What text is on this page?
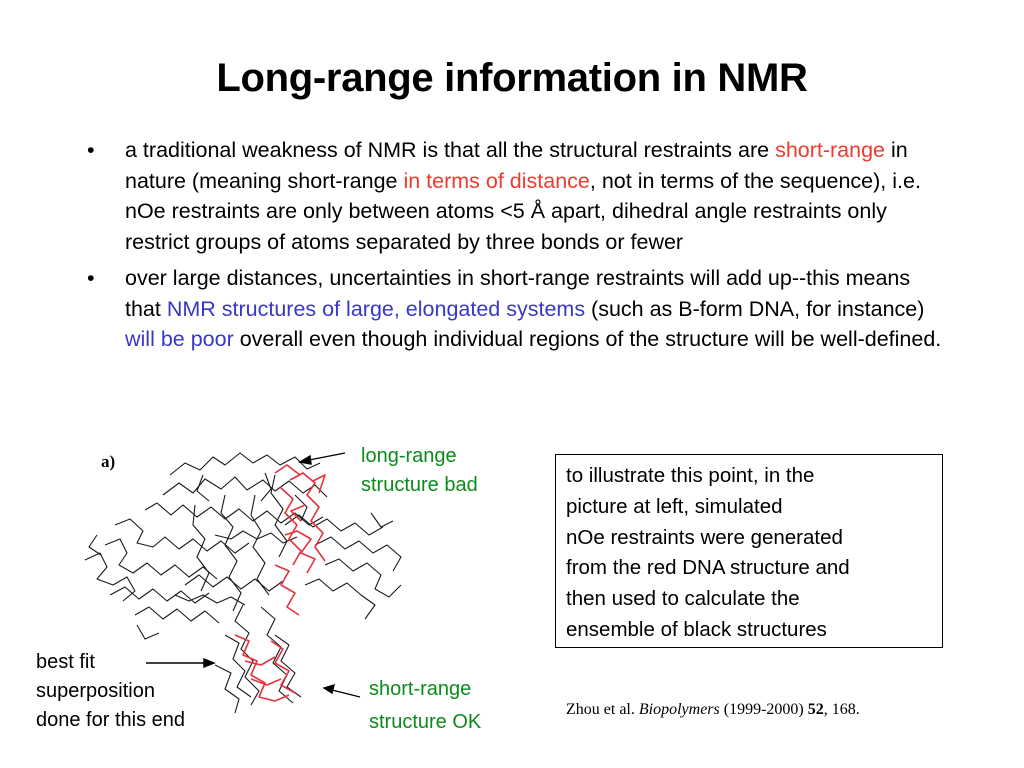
Long-range information in NMR
• a traditional weakness of NMR is that all the structural restraints are short-range in nature (meaning short-range in terms of distance, not in terms of the sequence), i.e. nOe restraints are only between atoms <5 Å apart, dihedral angle restraints only restrict groups of atoms separated by three bonds or fewer
• over large distances, uncertainties in short-range restraints will add up--this means that NMR structures of large, elongated systems (such as B-form DNA, for instance) will be poor overall even though individual regions of the structure will be well-defined.
a)	long-range
structure bad
short-range
structure OK
best fit
superposition
done for this end
to illustrate this point, in the
picture at left, simulated
nOe restraints were generated
from the red DNA structure and
then used to calculate the
ensemble of black structures
Zhou et al. Biopolymers (1999-2000) 52, 168.
